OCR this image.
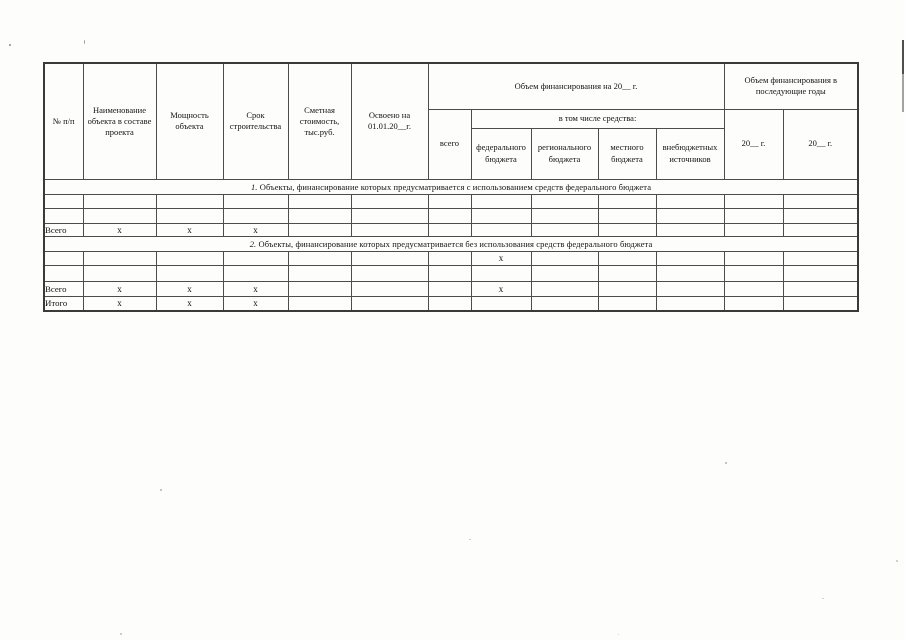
№ п/п	Наименование объекта в составе проекта	Мощность объекта	Срок строительства	Сметная стоимость, тыс.руб.	Освоено на 01.01.20__г.	Объем финансирования на 20__ г.					Объем финансирования в последующие годы	
						всего	в том числе средства:				20__ г.	20__ г.
							федерального бюджета	регионального бюджета	местного бюджета	внебюджетных источников		
1. Объекты, финансирование которых предусматривается с использованием средств федерального бюджета												

Всего	х	х	х									
2. Объекты, финансирование которых предусматривается без использования средств федерального бюджета												
							х					

Всего	х	х	х				х					
Итого	х	х	х									
